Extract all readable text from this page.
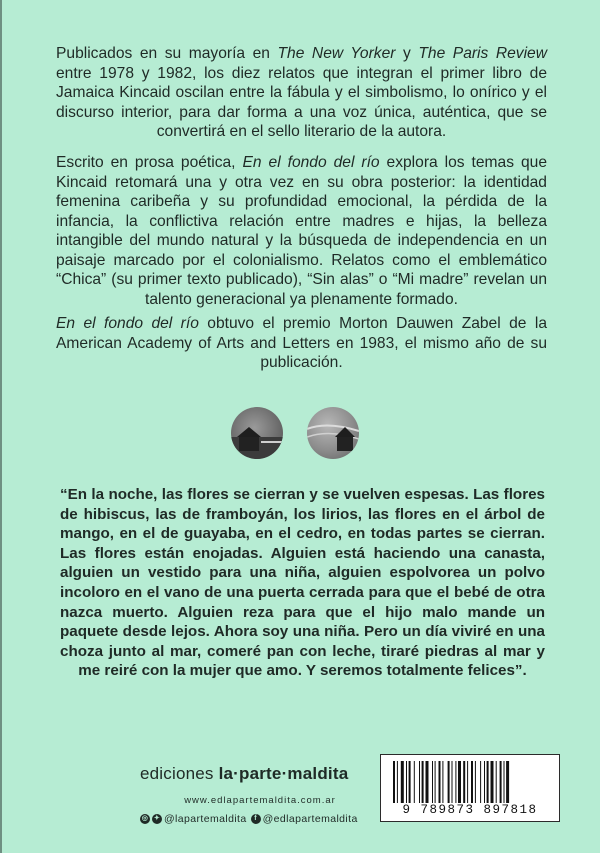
Publicados en su mayoría en The New Yorker y The Paris Review entre 1978 y 1982, los diez relatos que integran el primer libro de Jamaica Kincaid oscilan entre la fábula y el simbolismo, lo onírico y el discurso interior, para dar forma a una voz única, auténtica, que se convertirá en el sello literario de la autora.

Escrito en prosa poética, En el fondo del río explora los temas que Kincaid retomará una y otra vez en su obra posterior: la identidad femenina caribeña y su profundidad emocional, la pérdida de la infancia, la conflictiva relación entre madres e hijas, la belleza intangible del mundo natural y la búsqueda de independencia en un paisaje marcado por el colonialismo. Relatos como el emblemático “Chica” (su primer texto publicado), “Sin alas” o “Mi madre” revelan un talento generacional ya plenamente formado.

En el fondo del río obtuvo el premio Morton Dauwen Zabel de la American Academy of Arts and Letters en 1983, el mismo año de su publicación.

“En la noche, las flores se cierran y se vuelven espesas. Las flores de hibiscus, las de framboyán, los lirios, las flores en el árbol de mango, en el de guayaba, en el cedro, en todas partes se cierran. Las flores están enojadas. Alguien está haciendo una canasta, alguien un vestido para una niña, alguien espolvorea un polvo incoloro en el vano de una puerta cerrada para que el bebé de otra nazca muerto. Alguien reza para que el hijo malo mande un paquete desde lejos. Ahora soy una niña. Pero un día viviré en una choza junto al mar, comeré pan con leche, tiraré piedras al mar y me reiré con la mujer que amo. Y seremos totalmente felices”.

ediciones la·parte·maldita
www.edlapartemaldita.com.ar
◎ ✦ @lapartemaldita	f @edlapartemaldita
9 789873 897818
